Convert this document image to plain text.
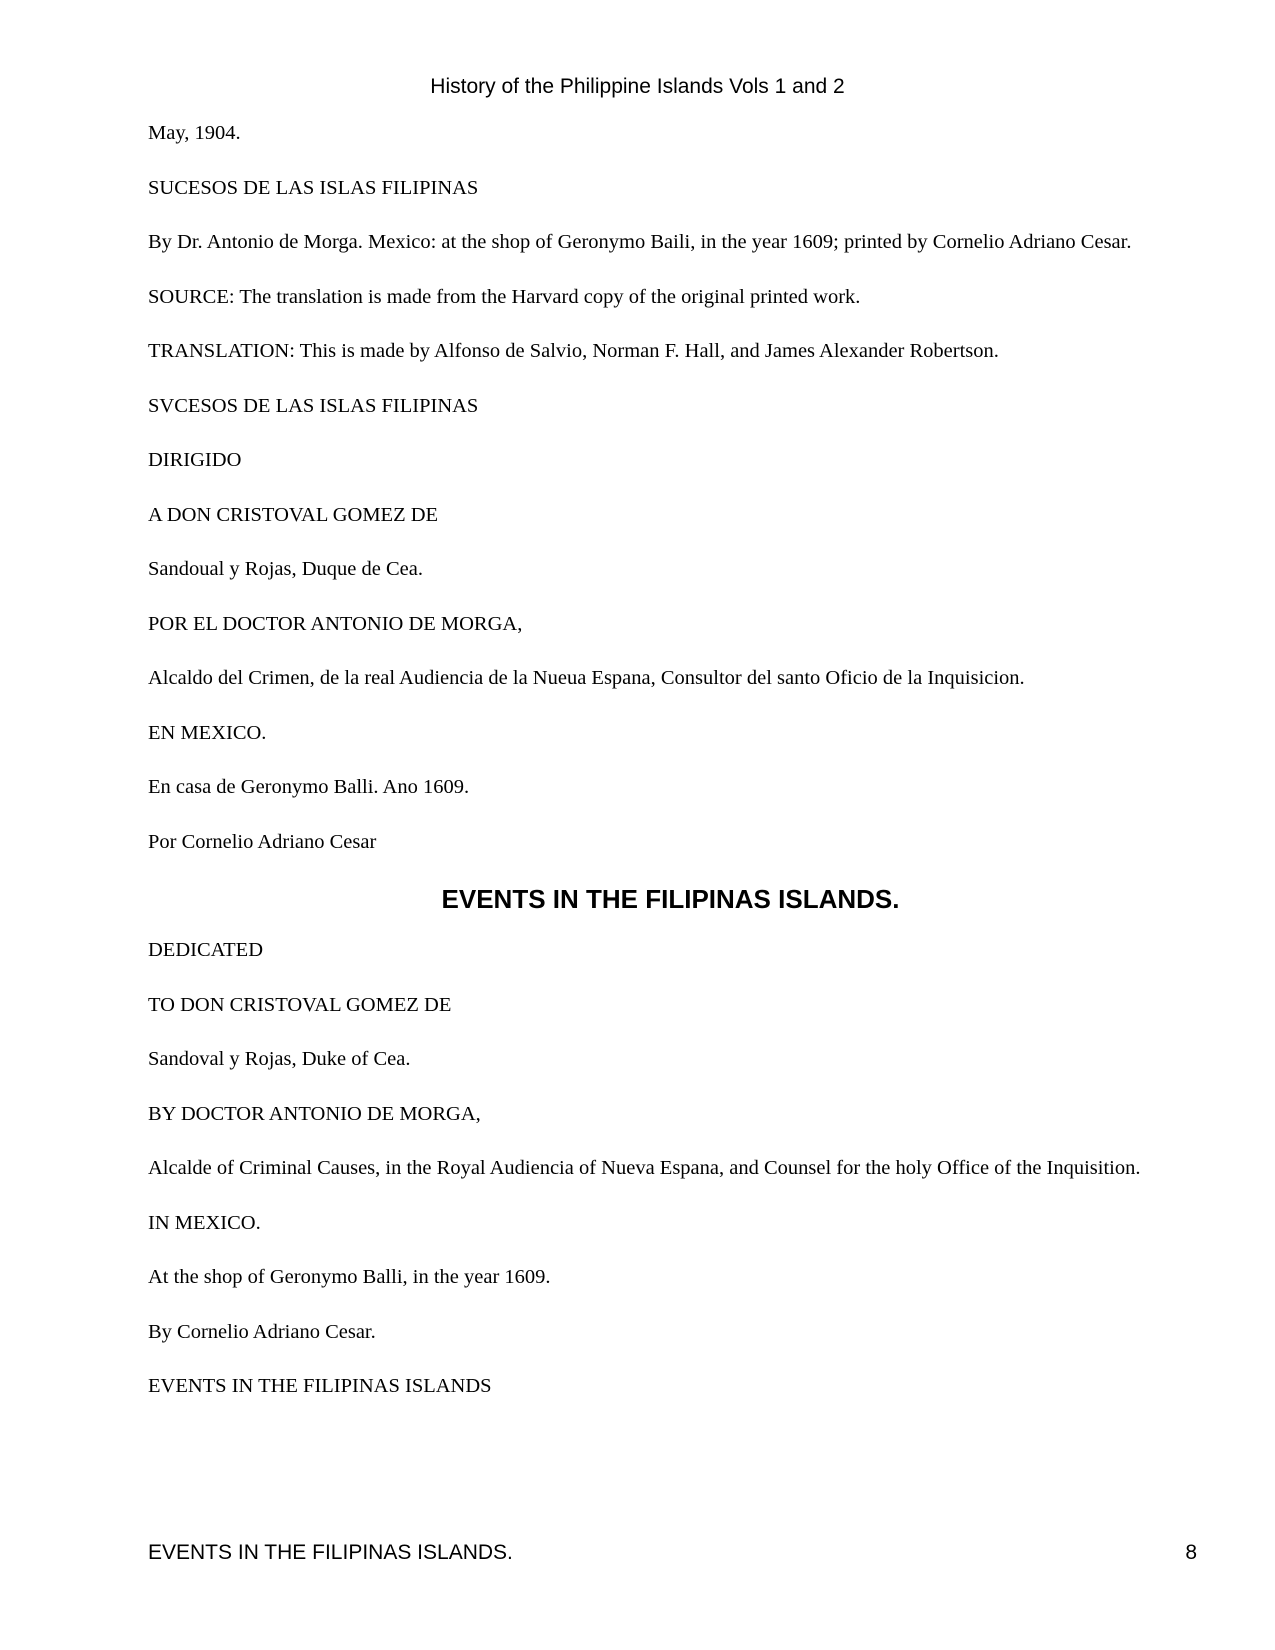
History of the Philippine Islands Vols 1 and 2

May, 1904.

SUCESOS DE LAS ISLAS FILIPINAS

By Dr. Antonio de Morga. Mexico: at the shop of Geronymo Baili, in the year 1609; printed by Cornelio Adriano Cesar.

SOURCE: The translation is made from the Harvard copy of the original printed work.

TRANSLATION: This is made by Alfonso de Salvio, Norman F. Hall, and James Alexander Robertson.

SVCESOS DE LAS ISLAS FILIPINAS

DIRIGIDO

A DON CRISTOVAL GOMEZ DE

Sandoual y Rojas, Duque de Cea.

POR EL DOCTOR ANTONIO DE MORGA,

Alcaldo del Crimen, de la real Audiencia de la Nueua Espana, Consultor del santo Oficio de la Inquisicion.

EN MEXICO.

En casa de Geronymo Balli. Ano 1609.

Por Cornelio Adriano Cesar

EVENTS IN THE FILIPINAS ISLANDS.

DEDICATED

TO DON CRISTOVAL GOMEZ DE

Sandoval y Rojas, Duke of Cea.

BY DOCTOR ANTONIO DE MORGA,

Alcalde of Criminal Causes, in the Royal Audiencia of Nueva Espana, and Counsel for the holy Office of the Inquisition.

IN MEXICO.

At the shop of Geronymo Balli, in the year 1609.

By Cornelio Adriano Cesar.

EVENTS IN THE FILIPINAS ISLANDS

EVENTS IN THE FILIPINAS ISLANDS.	8
